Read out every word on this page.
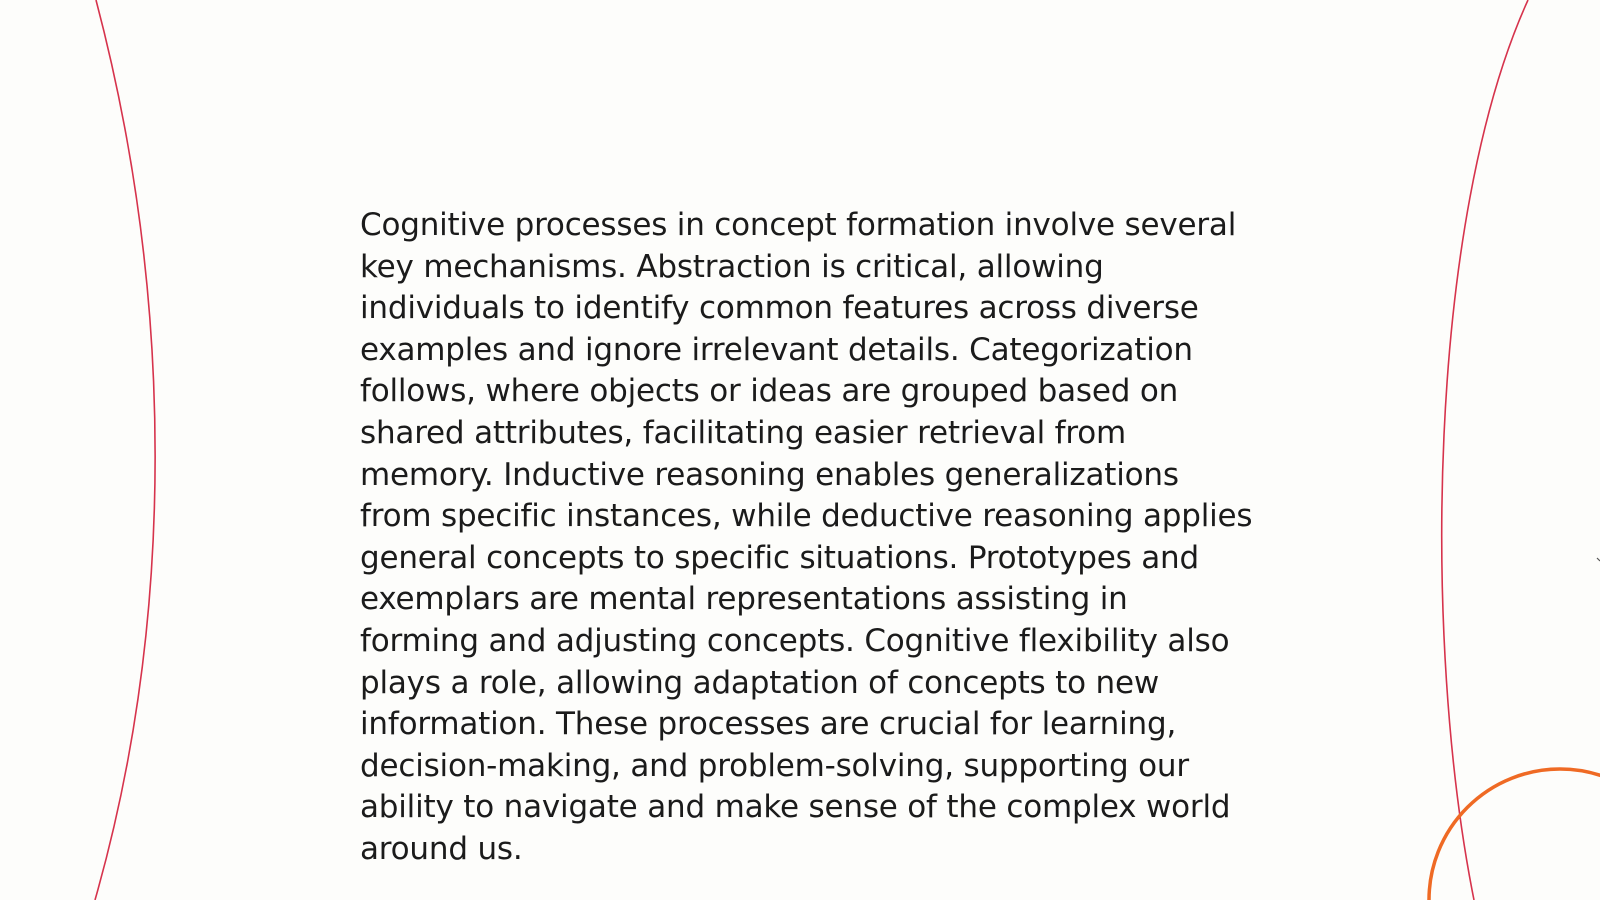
Cognitive processes in concept formation involve several key mechanisms. Abstraction is critical, allowing individuals to identify common features across diverse examples and ignore irrelevant details. Categorization follows, where objects or ideas are grouped based on shared attributes, facilitating easier retrieval from memory. Inductive reasoning enables generalizations from specific instances, while deductive reasoning applies general concepts to specific situations. Prototypes and exemplars are mental representations assisting in forming and adjusting concepts. Cognitive flexibility also plays a role, allowing adaptation of concepts to new information. These processes are crucial for learning, decision-making, and problem-solving, supporting our ability to navigate and make sense of the complex world around us.
